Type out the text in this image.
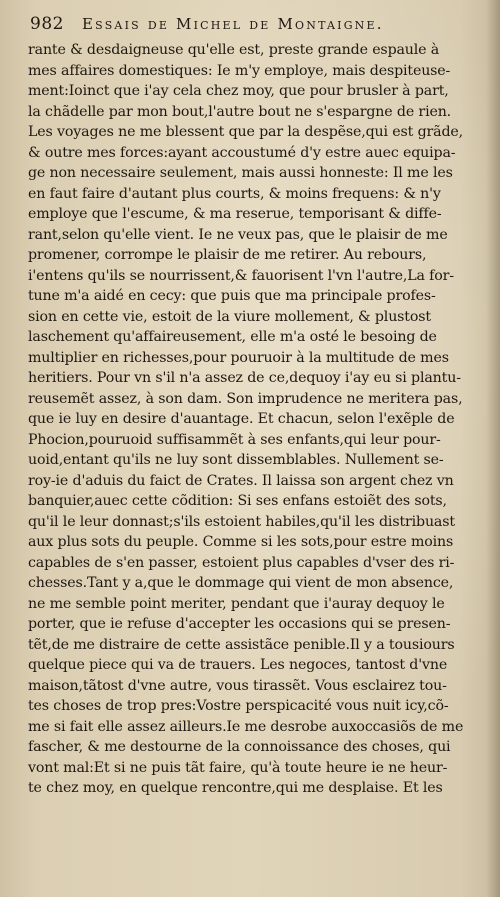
982 Essais de Michel de Montaigne.
rante & desdaigneuse qu'elle est, preste grande espaule à
mes affaires domestiques: Ie m'y employe, mais despiteuse-
ment:Ioinct que i'ay cela chez moy, que pour brusler à part,
la chãdelle par mon bout,l'autre bout ne s'espargne de rien.
Les voyages ne me blessent que par la despẽse,qui est grãde,
& outre mes forces:ayant accoustumé d'y estre auec equipa-
ge non necessaire seulement, mais aussi honneste: Il me les
en faut faire d'autant plus courts, & moins frequens: & n'y
employe que l'escume, & ma reserue, temporisant & diffe-
rant,selon qu'elle vient. Ie ne veux pas, que le plaisir de me
promener, corrompe le plaisir de me retirer. Au rebours,
i'entens qu'ils se nourrissent,& fauorisent l'vn l'autre,La for-
tune m'a aidé en cecy: que puis que ma principale profes-
sion en cette vie, estoit de la viure mollement, & plustost
laschement qu'affaireusement, elle m'a osté le besoing de
multiplier en richesses,pour pouruoir à la multitude de mes
heritiers. Pour vn s'il n'a assez de ce,dequoy i'ay eu si plantu-
reusemẽt assez, à son dam. Son imprudence ne meritera pas,
que ie luy en desire d'auantage. Et chacun, selon l'exẽple de
Phocion,pouruoid suffisammẽt à ses enfants,qui leur pour-
uoid,entant qu'ils ne luy sont dissemblables. Nullement se-
roy-ie d'aduis du faict de Crates. Il laissa son argent chez vn
banquier,auec cette cõdition: Si ses enfans estoiẽt des sots,
qu'il le leur donnast;s'ils estoient habiles,qu'il les distribuast
aux plus sots du peuple. Comme si les sots,pour estre moins
capables de s'en passer, estoient plus capables d'vser des ri-
chesses.Tant y a,que le dommage qui vient de mon absence,
ne me semble point meriter, pendant que i'auray dequoy le
porter, que ie refuse d'accepter les occasions qui se presen-
tẽt,de me distraire de cette assistãce penible.Il y a tousiours
quelque piece qui va de trauers. Les negoces, tantost d'vne
maison,tãtost d'vne autre, vous tirassẽt. Vous esclairez tou-
tes choses de trop pres:Vostre perspicacité vous nuit icy,cõ-
me si fait elle assez ailleurs.Ie me desrobe auxoccasiõs de me
fascher, & me destourne de la connoissance des choses, qui
vont mal:Et si ne puis tãt faire, qu'à toute heure ie ne heur-
te chez moy, en quelque rencontre,qui me desplaise. Et les
